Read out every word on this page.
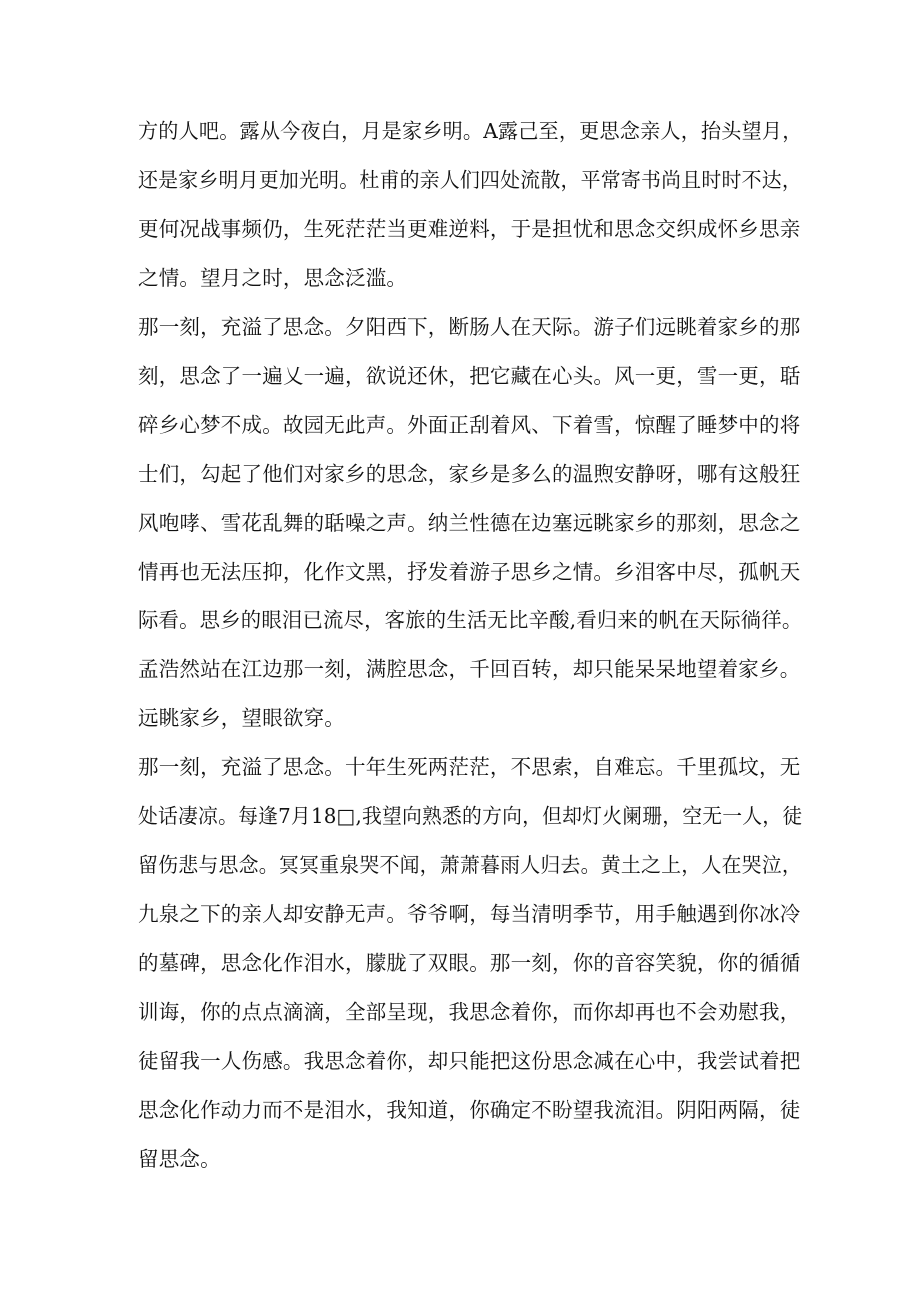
方的人吧。露从今夜白，月是家乡明。A露己至，更思念亲人，抬头望月，
还是家乡明月更加光明。杜甫的亲人们四处流散，平常寄书尚且时时不达，
更何况战事频仍，生死茫茫当更难逆料，于是担忧和思念交织成怀乡思亲
之情。望月之时，思念泛滥。
那一刻，充溢了思念。夕阳西下，断肠人在天际。游子们远眺着家乡的那
刻，思念了一遍乂一遍，欲说还休，把它藏在心头。风一更，雪一更，聒
碎乡心梦不成。故园无此声。外面正刮着风、下着雪，惊醒了睡梦中的将
士们，勾起了他们对家乡的思念，家乡是多么的温煦安静呀，哪有这般狂
风咆哮、雪花乱舞的聒噪之声。纳兰性德在边塞远眺家乡的那刻，思念之
情再也无法压抑，化作文黑，抒发着游子思乡之情。乡泪客中尽，孤帆天
际看。思乡的眼泪已流尽，客旅的生活无比辛酸,看归来的帆在天际徜徉。
孟浩然站在江边那一刻，满腔思念，千回百转，却只能呆呆地望着家乡。
远眺家乡，望眼欲穿。
那一刻，充溢了思念。十年生死两茫茫，不思索，自难忘。千里孤坟，无
处话凄凉。每逢7月18□,我望向熟悉的方向，但却灯火阑珊，空无一人，徒
留伤悲与思念。冥冥重泉哭不闻，萧萧暮雨人归去。黄土之上，人在哭泣，
九泉之下的亲人却安静无声。爷爷啊，每当清明季节，用手触遇到你冰冷
的墓碑，思念化作泪水，朦胧了双眼。那一刻，你的音容笑貌，你的循循
训诲，你的点点滴滴，全部呈现，我思念着你，而你却再也不会劝慰我，
徒留我一人伤感。我思念着你，却只能把这份思念减在心中，我尝试着把
思念化作动力而不是泪水，我知道，你确定不盼望我流泪。阴阳两隔，徒
留思念。
